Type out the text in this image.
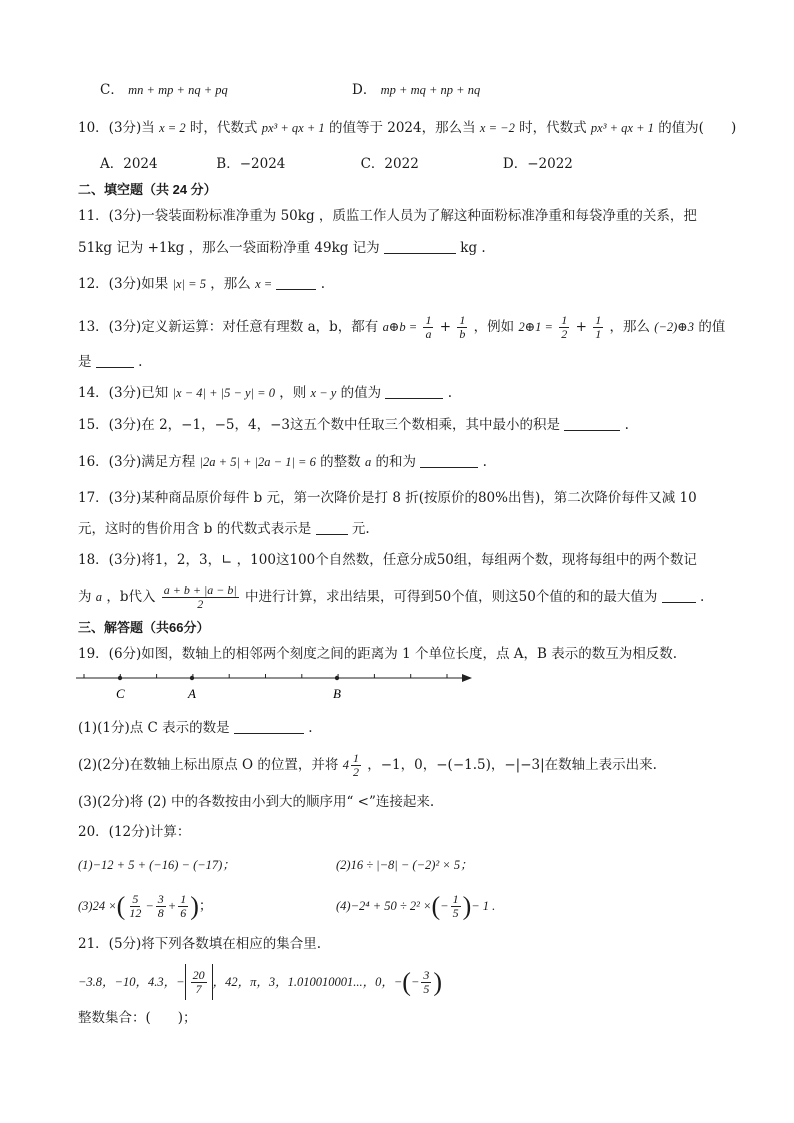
C． mn + mp + nq + pq	D． mp + mq + np + nq
10．(3分)当 x = 2 时，代数式 px³ + qx + 1 的值等于 2024，那么当 x = −2 时，代数式 px³ + qx + 1 的值为(　　)
A．2024	B．−2024	C．2022	D．−2022
二、填空题（共 24 分）
11．(3分)一袋装面粉标准净重为 50kg ，质监工作人员为了解这种面粉标准净重和每袋净重的关系，把
51kg 记为 +1kg ，那么一袋面粉净重 49kg 记为	kg .
12．(3分)如果 |x| = 5 ，那么 x =	.
13．(3分)定义新运算：对任意有理数 a，b，都有 a⊕b = $\frac{1}{a} + \frac{1}{b}$ ，例如 2⊕1 = $\frac{1}{2} + \frac{1}{1}$ ，那么 (−2)⊕3 的值
是	.
14．(3分)已知 |x − 4| + |5 − y| = 0 ，则 x − y 的值为	.
15．(3分)在 2，−1，−5，4，−3这五个数中任取三个数相乘，其中最小的积是	.
16．(3分)满足方程 |2a + 5| + |2a − 1| = 6 的整数 a 的和为	.
17．(3分)某种商品原价每件 b 元，第一次降价是打 8 折(按原价的80%出售)，第二次降价每件又减 10
元，这时的售价用含 b 的代数式表示是	元.
18．(3分)将1，2，3，∟ ，100这100个自然数，任意分成50组，每组两个数，现将每组中的两个数记
为 a ，b代入 $\frac{a + b + |a - b|}{2}$ 中进行计算，求出结果，可得到50个值，则这50个值的和的最大值为	.
三、解答题（共66分）
19．(6分)如图，数轴上的相邻两个刻度之间的距离为 1 个单位长度，点 A，B 表示的数互为相反数.
C	A	B
(1)(1分)点 C 表示的数是	.
(2)(2分)在数轴上标出原点 O 的位置，并将 $4 \frac{1}{2}$ ，−1，0，−(−1.5)，−|−3|在数轴上表示出来.
(3)(2分)将 (2) 中的各数按由小到大的顺序用“ <”连接起来.
20．(12分)计算：
(1)−12 + 5 + (−16) − (−17)；	(2)16 ÷ |−8| − (−2)² × 5；
(3)24 ×( $\frac{5}{12} - \frac{3}{8} + \frac{1}{6}$ )；	(4)−2⁴ + 50 ÷ 2² ×(− $\frac{1}{5}$ )− 1 .
21．(5分)将下列各数填在相应的集合里.
−3.8，−10，4.3，− $\frac{20}{7}$ ，42，π，3，1.010010001...，0，−(− $\frac{3}{5}$ )
整数集合：(　　)；
